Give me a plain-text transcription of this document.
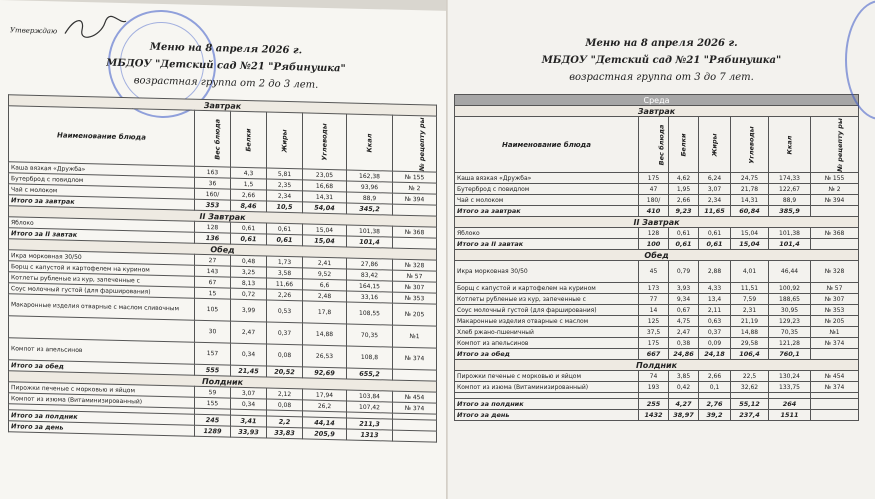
Утверждаю
Меню на 8 апреля 2026 г.
МБДОУ "Детский сад №21 "Рябинушка"
возрастная группа от 2 до 3 лет.
Завтрак						
Наименование блюда	Вес блюда	Белки	Жиры	Углеводы	Ккал	№ рецепту ры
Каша вязкая «Дружба»	163	4,3	5,81	23,05	162,38	№ 155
Бутерброд с повидлом	36	1,5	2,35	16,68	93,96	№ 2
Чай с молоком	160/	2,66	2,34	14,31	88,9	№ 394
Итого за завтрак	353	8,46	10,5	54,04	345,2	
II Завтрак						
Яблоко	128	0,61	0,61	15,04	101,38	№ 368
Итого за II завтак	136	0,61	0,61	15,04	101,4	
Обед						
Икра морковная 30/50	27	0,48	1,73	2,41	27,86	№ 328
Борщ с капустой и картофелем на курином	143	3,25	3,58	9,52	83,42	№ 57
Котлеты рубленые из кур, запеченные с	67	8,13	11,66	6,6	164,15	№ 307
Соус молочный густой (для фарширования)	15	0,72	2,26	2,48	33,16	№ 353
Макаронные изделия отварные с маслом сливочным	105	3,99	0,53	17,8	108,55	№ 205
	30	2,47	0,37	14,88	70,35	№1
Компот из апельсинов	157	0,34	0,08	26,53	108,8	№ 374
Итого за обед	555	21,45	20,52	92,69	655,2	
Полдник						
Пирожки печеные с морковью и яйцом	59	3,07	2,12	17,94	103,84	№ 454
Компот из изюма (Витаминизированный)	155	0,34	0,08	26,2	107,42	№ 374

Итого за полдник	245	3,41	2,2	44,14	211,3	
Итого за день	1289	33,93	33,83	205,9	1313	
Меню на 8 апреля 2026 г.
МБДОУ "Детский сад №21 "Рябинушка"
возрастная группа от 3 до 7 лет.
Среда						
Завтрак						
Наименование блюда	Вес блюда	Белки	Жиры	Углеводы	Ккал	№ рецепту ры
Каша вязкая «Дружба»	175	4,62	6,24	24,75	174,33	№ 155
Бутерброд с повидлом	47	1,95	3,07	21,78	122,67	№ 2
Чай с молоком	180/	2,66	2,34	14,31	88,9	№ 394
Итого за завтрак	410	9,23	11,65	60,84	385,9	
II Завтрак						
Яблоко	128	0,61	0,61	15,04	101,38	№ 368
Итого за II завтак	100	0,61	0,61	15,04	101,4	
Обед						
Икра морковная 30/50	45	0,79	2,88	4,01	46,44	№ 328
Борщ с капустой и картофелем на курином	173	3,93	4,33	11,51	100,92	№ 57
Котлеты рубленые из кур, запеченные с	77	9,34	13,4	7,59	188,65	№ 307
Соус молочный густой (для фарширования)	14	0,67	2,11	2,31	30,95	№ 353
Макаронные изделия отварные с маслом	125	4,75	0,63	21,19	129,23	№ 205
Хлеб ржано-пшеничный	37,5	2,47	0,37	14,88	70,35	№1
Компот из апельсинов	175	0,38	0,09	29,58	121,28	№ 374
Итого за обед	667	24,86	24,18	106,4	760,1	
Полдник						
Пирожки печеные с морковью и яйцом	74	3,85	2,66	22,5	130,24	№ 454
Компот из изюма (Витаминизированный)	193	0,42	0,1	32,62	133,75	№ 374

Итого за полдник	255	4,27	2,76	55,12	264	
Итого за день	1432	38,97	39,2	237,4	1511	
